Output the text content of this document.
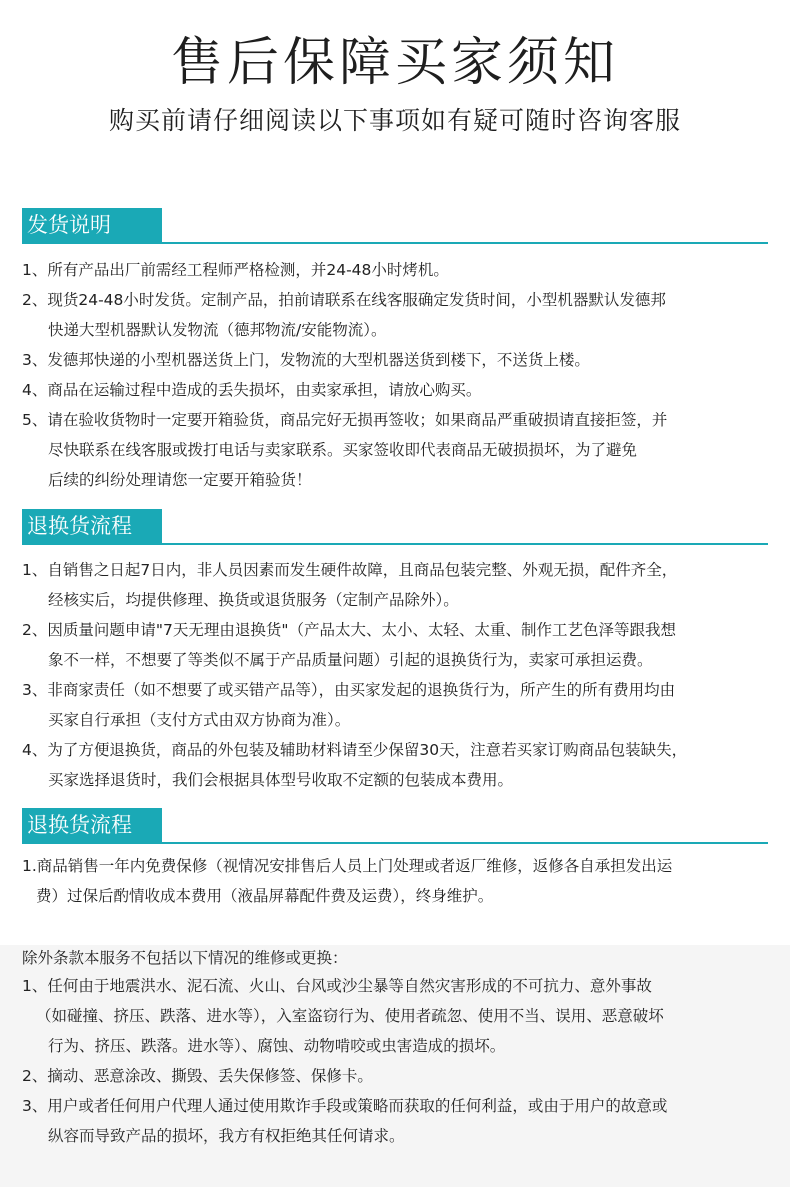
售后保障买家须知
购买前请仔细阅读以下事项如有疑可随时咨询客服
发货说明
1、所有产品出厂前需经工程师严格检测，并24-48小时烤机。
2、现货24-48小时发货。定制产品，拍前请联系在线客服确定发货时间，小型机器默认发德邦
快递大型机器默认发物流（德邦物流/安能物流）。
3、发德邦快递的小型机器送货上门，发物流的大型机器送货到楼下，不送货上楼。
4、商品在运输过程中造成的丢失损坏，由卖家承担，请放心购买。
5、请在验收货物时一定要开箱验货，商品完好无损再签收；如果商品严重破损请直接拒签，并
尽快联系在线客服或拨打电话与卖家联系。买家签收即代表商品无破损损坏，为了避免
后续的纠纷处理请您一定要开箱验货！
退换货流程
1、自销售之日起7日内，非人员因素而发生硬件故障，且商品包装完整、外观无损，配件齐全，
经核实后，均提供修理、换货或退货服务（定制产品除外）。
2、因质量问题申请"7天无理由退换货"（产品太大、太小、太轻、太重、制作工艺色泽等跟我想
象不一样，不想要了等类似不属于产品质量问题）引起的退换货行为，卖家可承担运费。
3、非商家责任（如不想要了或买错产品等），由买家发起的退换货行为，所产生的所有费用均由
买家自行承担（支付方式由双方协商为准）。
4、为了方便退换货，商品的外包装及辅助材料请至少保留30天，注意若买家订购商品包装缺失，
买家选择退货时，我们会根据具体型号收取不定额的包装成本费用。
退换货流程
1.商品销售一年内免费保修（视情况安排售后人员上门处理或者返厂维修，返修各自承担发出运
费）过保后酌情收成本费用（液晶屏幕配件费及运费），终身维护。
除外条款本服务不包括以下情况的维修或更换：
1、任何由于地震洪水、泥石流、火山、台风或沙尘暴等自然灾害形成的不可抗力、意外事故
（如碰撞、挤压、跌落、进水等），入室盗窃行为、使用者疏忽、使用不当、误用、恶意破坏
行为、挤压、跌落。进水等）、腐蚀、动物啃咬或虫害造成的损坏。
2、摘动、恶意涂改、撕毁、丢失保修签、保修卡。
3、用户或者任何用户代理人通过使用欺诈手段或策略而获取的任何利益，或由于用户的故意或
纵容而导致产品的损坏，我方有权拒绝其任何请求。
